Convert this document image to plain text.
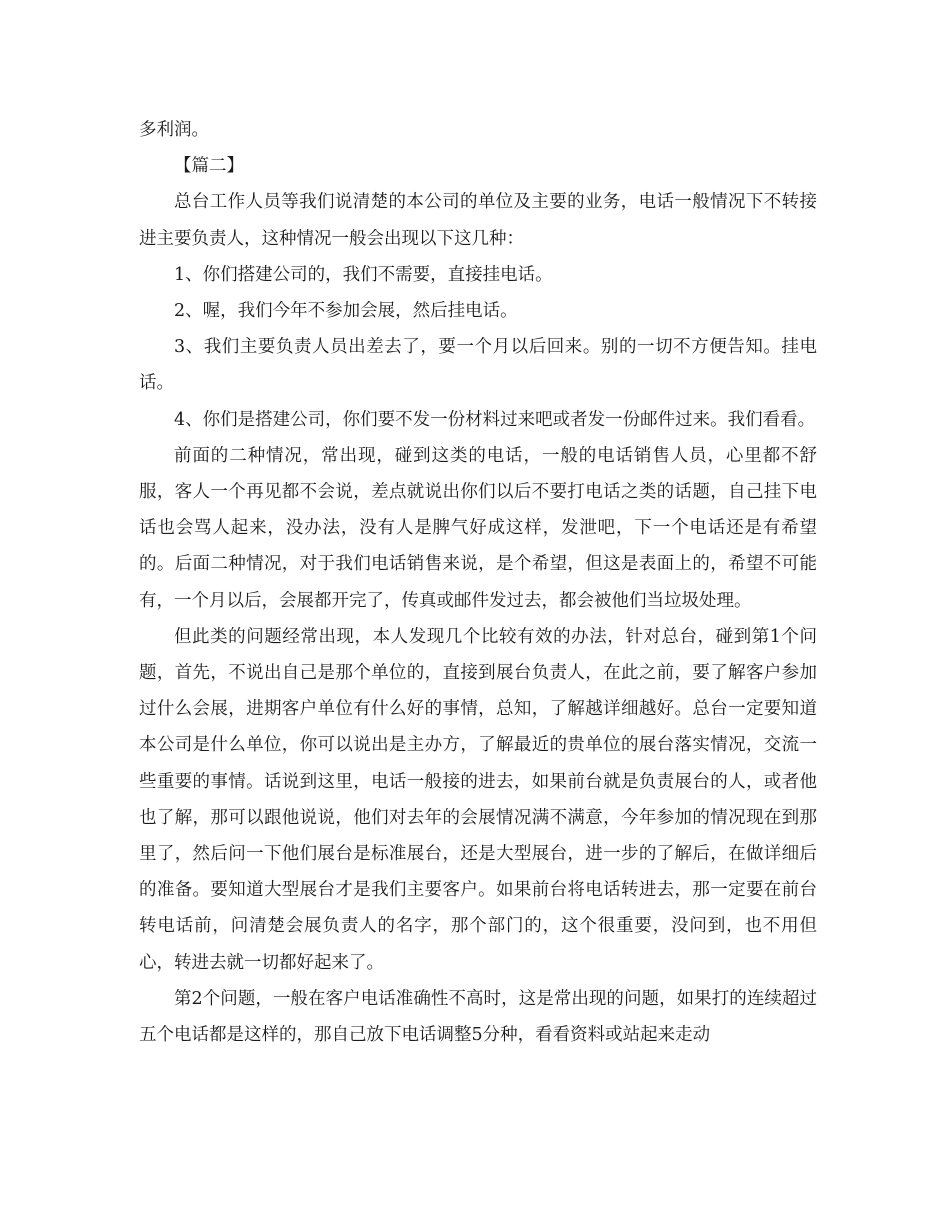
多利润。

【篇二】

总台工作人员等我们说清楚的本公司的单位及主要的业务，电话一般情况下不转接进主要负责人，这种情况一般会出现以下这几种：

1、你们搭建公司的，我们不需要，直接挂电话。

2、喔，我们今年不参加会展，然后挂电话。

3、我们主要负责人员出差去了，要一个月以后回来。别的一切不方便告知。挂电话。

4、你们是搭建公司，你们要不发一份材料过来吧或者发一份邮件过来。我们看看。

前面的二种情况，常出现，碰到这类的电话，一般的电话销售人员，心里都不舒服，客人一个再见都不会说，差点就说出你们以后不要打电话之类的话题，自己挂下电话也会骂人起来，没办法，没有人是脾气好成这样，发泄吧，下一个电话还是有希望的。后面二种情况，对于我们电话销售来说，是个希望，但这是表面上的，希望不可能有，一个月以后，会展都开完了，传真或邮件发过去，都会被他们当垃圾处理。

但此类的问题经常出现，本人发现几个比较有效的办法，针对总台，碰到第1个问题，首先，不说出自己是那个单位的，直接到展台负责人，在此之前，要了解客户参加过什么会展，进期客户单位有什么好的事情，总知，了解越详细越好。总台一定要知道本公司是什么单位，你可以说出是主办方，了解最近的贵单位的展台落实情况，交流一些重要的事情。话说到这里，电话一般接的进去，如果前台就是负责展台的人，或者他也了解，那可以跟他说说，他们对去年的会展情况满不满意，今年参加的情况现在到那里了，然后问一下他们展台是标准展台，还是大型展台，进一步的了解后，在做详细后的准备。要知道大型展台才是我们主要客户。如果前台将电话转进去，那一定要在前台转电话前，问清楚会展负责人的名字，那个部门的，这个很重要，没问到，也不用但心，转进去就一切都好起来了。

第2个问题，一般在客户电话准确性不高时，这是常出现的问题，如果打的连续超过五个电话都是这样的，那自己放下电话调整5分种，看看资料或站起来走动
